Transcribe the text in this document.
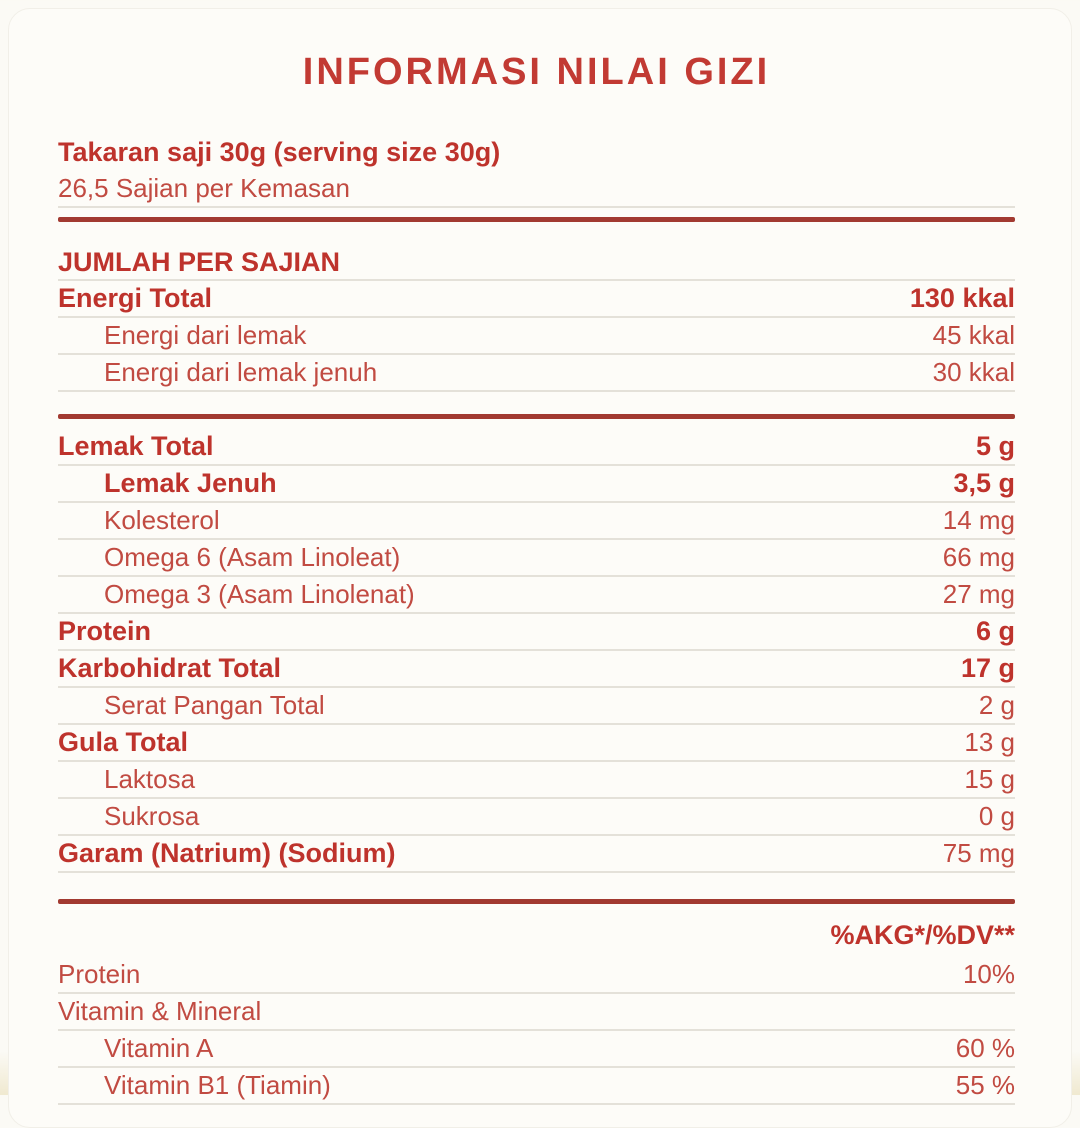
INFORMASI NILAI GIZI
Takaran saji 30g (serving size 30g)
26,5 Sajian per Kemasan
JUMLAH PER SAJIAN
Energi Total	130 kkal
Energi dari lemak	45 kkal
Energi dari lemak jenuh	30 kkal
Lemak Total	5 g
Lemak Jenuh	3,5 g
Kolesterol	14 mg
Omega 6 (Asam Linoleat)	66 mg
Omega 3 (Asam Linolenat)	27 mg
Protein	6 g
Karbohidrat Total	17 g
Serat Pangan Total	2 g
Gula Total	13 g
Laktosa	15 g
Sukrosa	0 g
Garam (Natrium) (Sodium)	75 mg
%AKG*/%DV**
Protein	10%
Vitamin & Mineral
Vitamin A	60 %
Vitamin B1 (Tiamin)	55 %
